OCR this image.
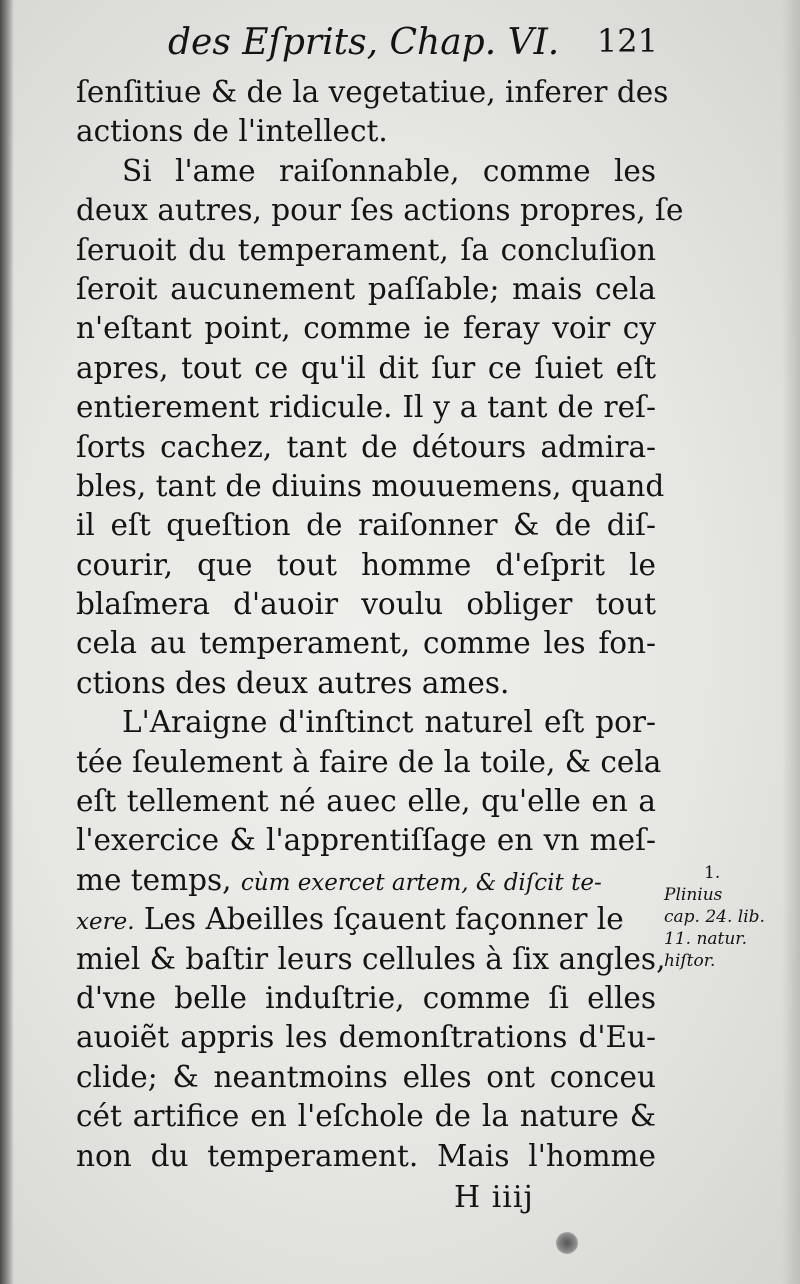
des Eſprits, Chap. VI. 121
ſenſitiue & de la vegetatiue, inferer des
actions de l'intellect.
Si l'ame raiſonnable, comme les
deux autres, pour ſes actions propres, ſe
ſeruoit du temperament, ſa concluſion
ſeroit aucunement paſſable; mais cela
n'eſtant point, comme ie feray voir cy
apres, tout ce qu'il dit ſur ce ſuiet eſt
entierement ridicule. Il y a tant de reſ-
ſorts cachez, tant de détours admira-
bles, tant de diuins mouuemens, quand
il eſt queſtion de raiſonner & de diſ-
courir, que tout homme d'eſprit le
blaſmera d'auoir voulu obliger tout
cela au temperament, comme les fon-
ctions des deux autres ames.
L'Araigne d'inſtinct naturel eſt por-
tée ſeulement à faire de la toile, & cela
eſt tellement né auec elle, qu'elle en a
l'exercice & l'apprentiſſage en vn meſ-
me temps, cùm exercet artem, & diſcit te-
xere. Les Abeilles ſçauent façonner le
miel & baſtir leurs cellules à ſix angles,
d'vne belle induſtrie, comme ſi elles
auoiẽt appris les demonſtrations d'Eu-
clide; & neantmoins elles ont conceu
cét artifice en l'eſchole de la nature &
non du temperament. Mais l'homme
1.
Plinius
cap. 24. lib.
11. natur.
hiſtor.
H iiij
